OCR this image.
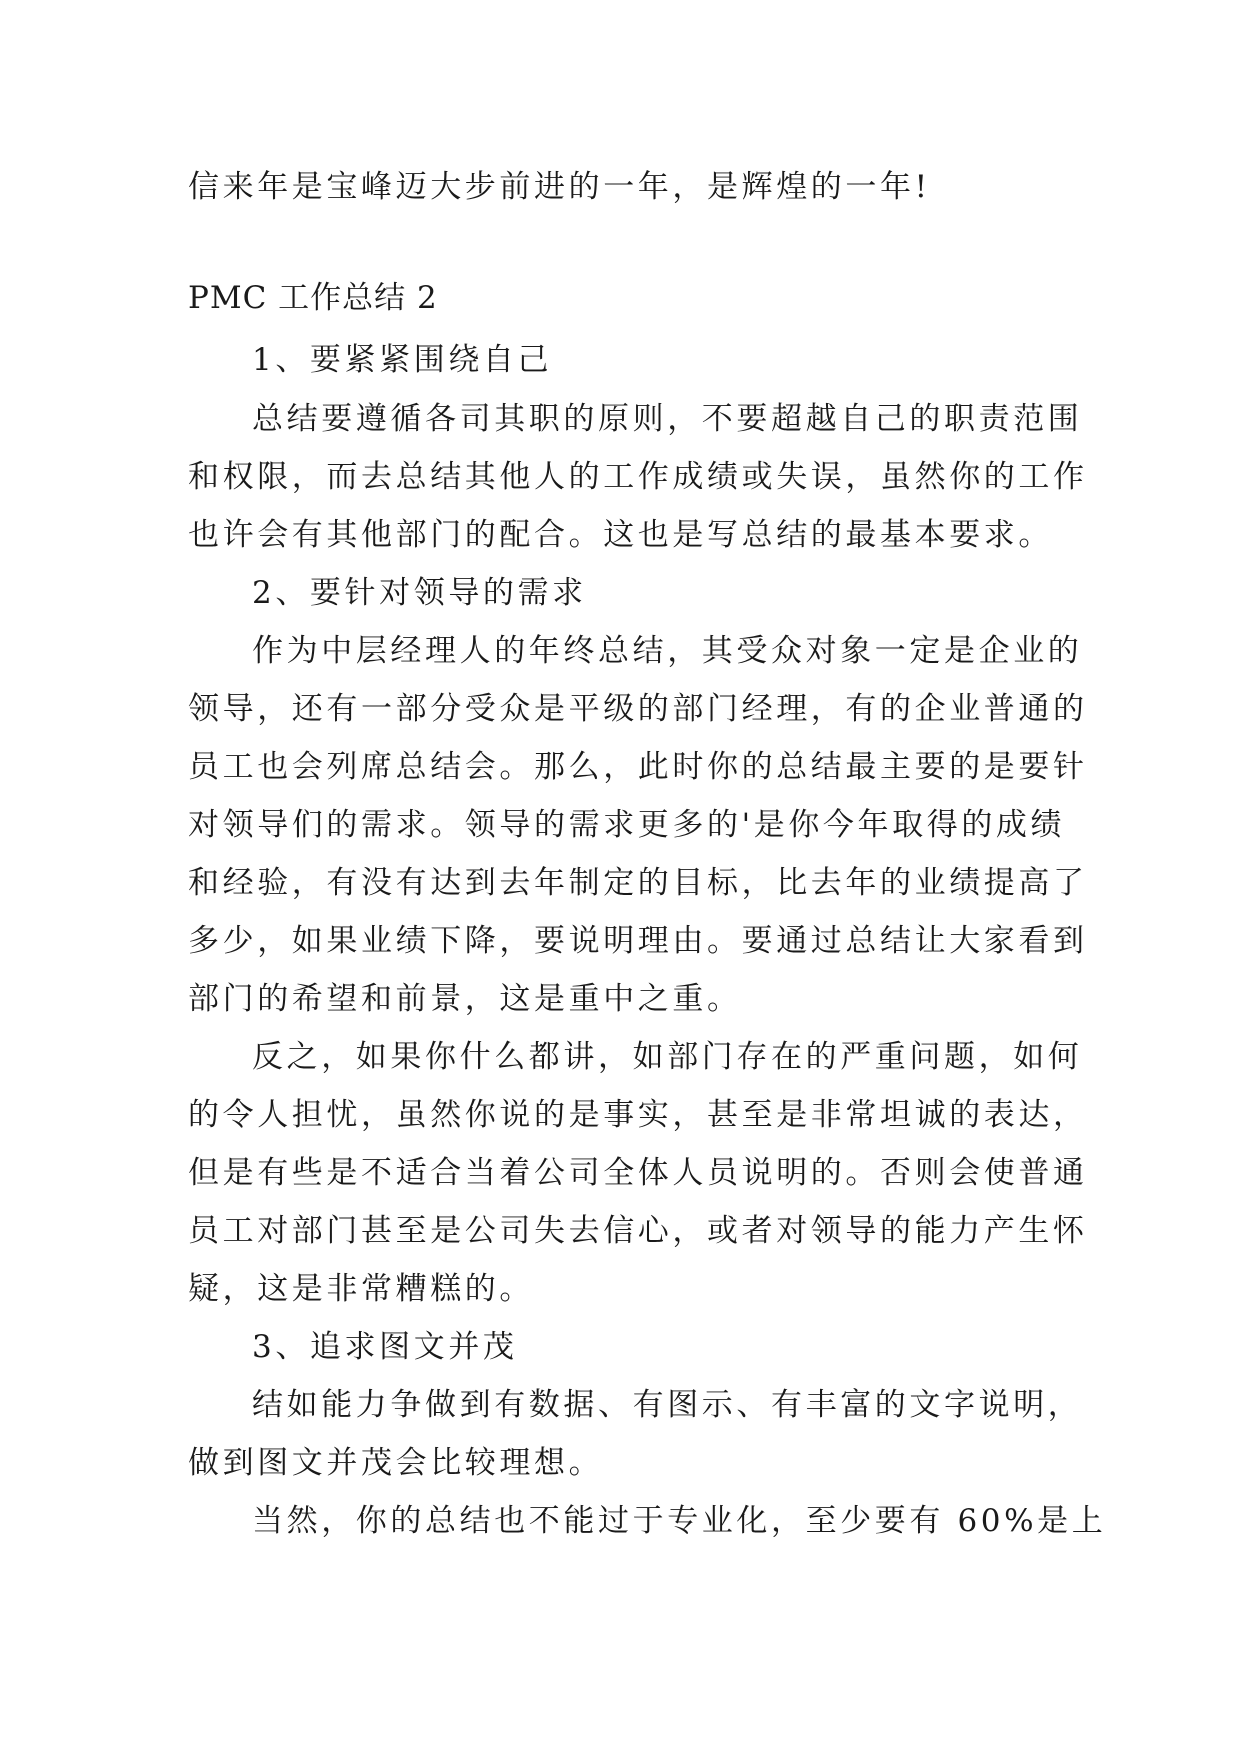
信来年是宝峰迈大步前进的一年，是辉煌的一年!

PMC 工作总结 2

1、要紧紧围绕自己

总结要遵循各司其职的原则，不要超越自己的职责范围

和权限，而去总结其他人的工作成绩或失误，虽然你的工作

也许会有其他部门的配合。这也是写总结的最基本要求。

2、要针对领导的需求

作为中层经理人的年终总结，其受众对象一定是企业的

领导，还有一部分受众是平级的部门经理，有的企业普通的

员工也会列席总结会。那么，此时你的总结最主要的是要针

对领导们的需求。领导的需求更多的'是你今年取得的成绩

和经验，有没有达到去年制定的目标，比去年的业绩提高了

多少，如果业绩下降，要说明理由。要通过总结让大家看到

部门的希望和前景，这是重中之重。

反之，如果你什么都讲，如部门存在的严重问题，如何

的令人担忧，虽然你说的是事实，甚至是非常坦诚的表达，

但是有些是不适合当着公司全体人员说明的。否则会使普通

员工对部门甚至是公司失去信心，或者对领导的能力产生怀

疑，这是非常糟糕的。

3、追求图文并茂

结如能力争做到有数据、有图示、有丰富的文字说明，

做到图文并茂会比较理想。

当然，你的总结也不能过于专业化，至少要有 60%是上
